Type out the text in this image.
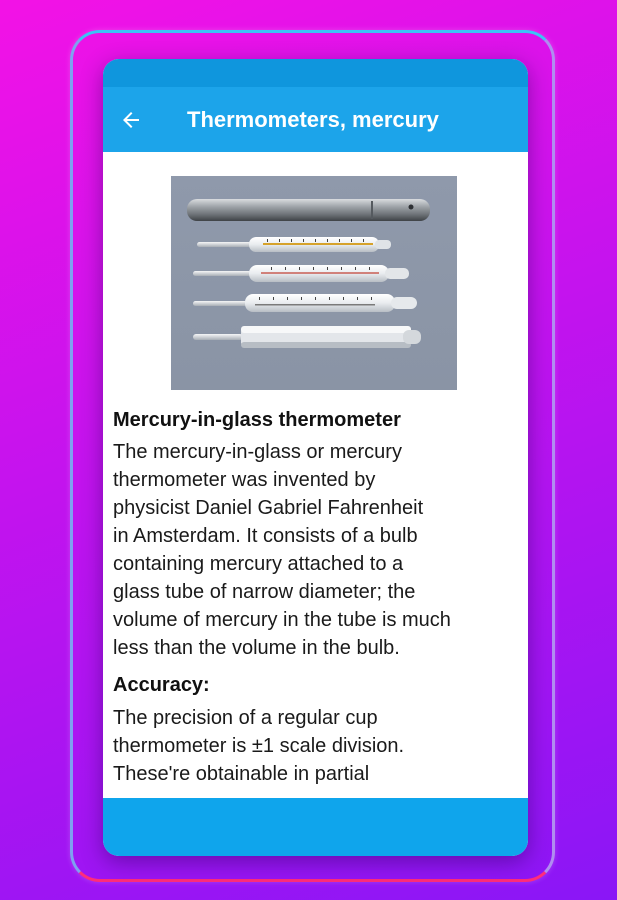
Thermometers, mercury
Mercury-in-glass thermometer

The mercury-in-glass or mercury
thermometer was invented by
physicist Daniel Gabriel Fahrenheit
in Amsterdam. It consists of a bulb
containing mercury attached to a
glass tube of narrow diameter; the
volume of mercury in the tube is much
less than the volume in the bulb.

Accuracy:

The precision of a regular cup
thermometer is ±1 scale division.
These're obtainable in partial
